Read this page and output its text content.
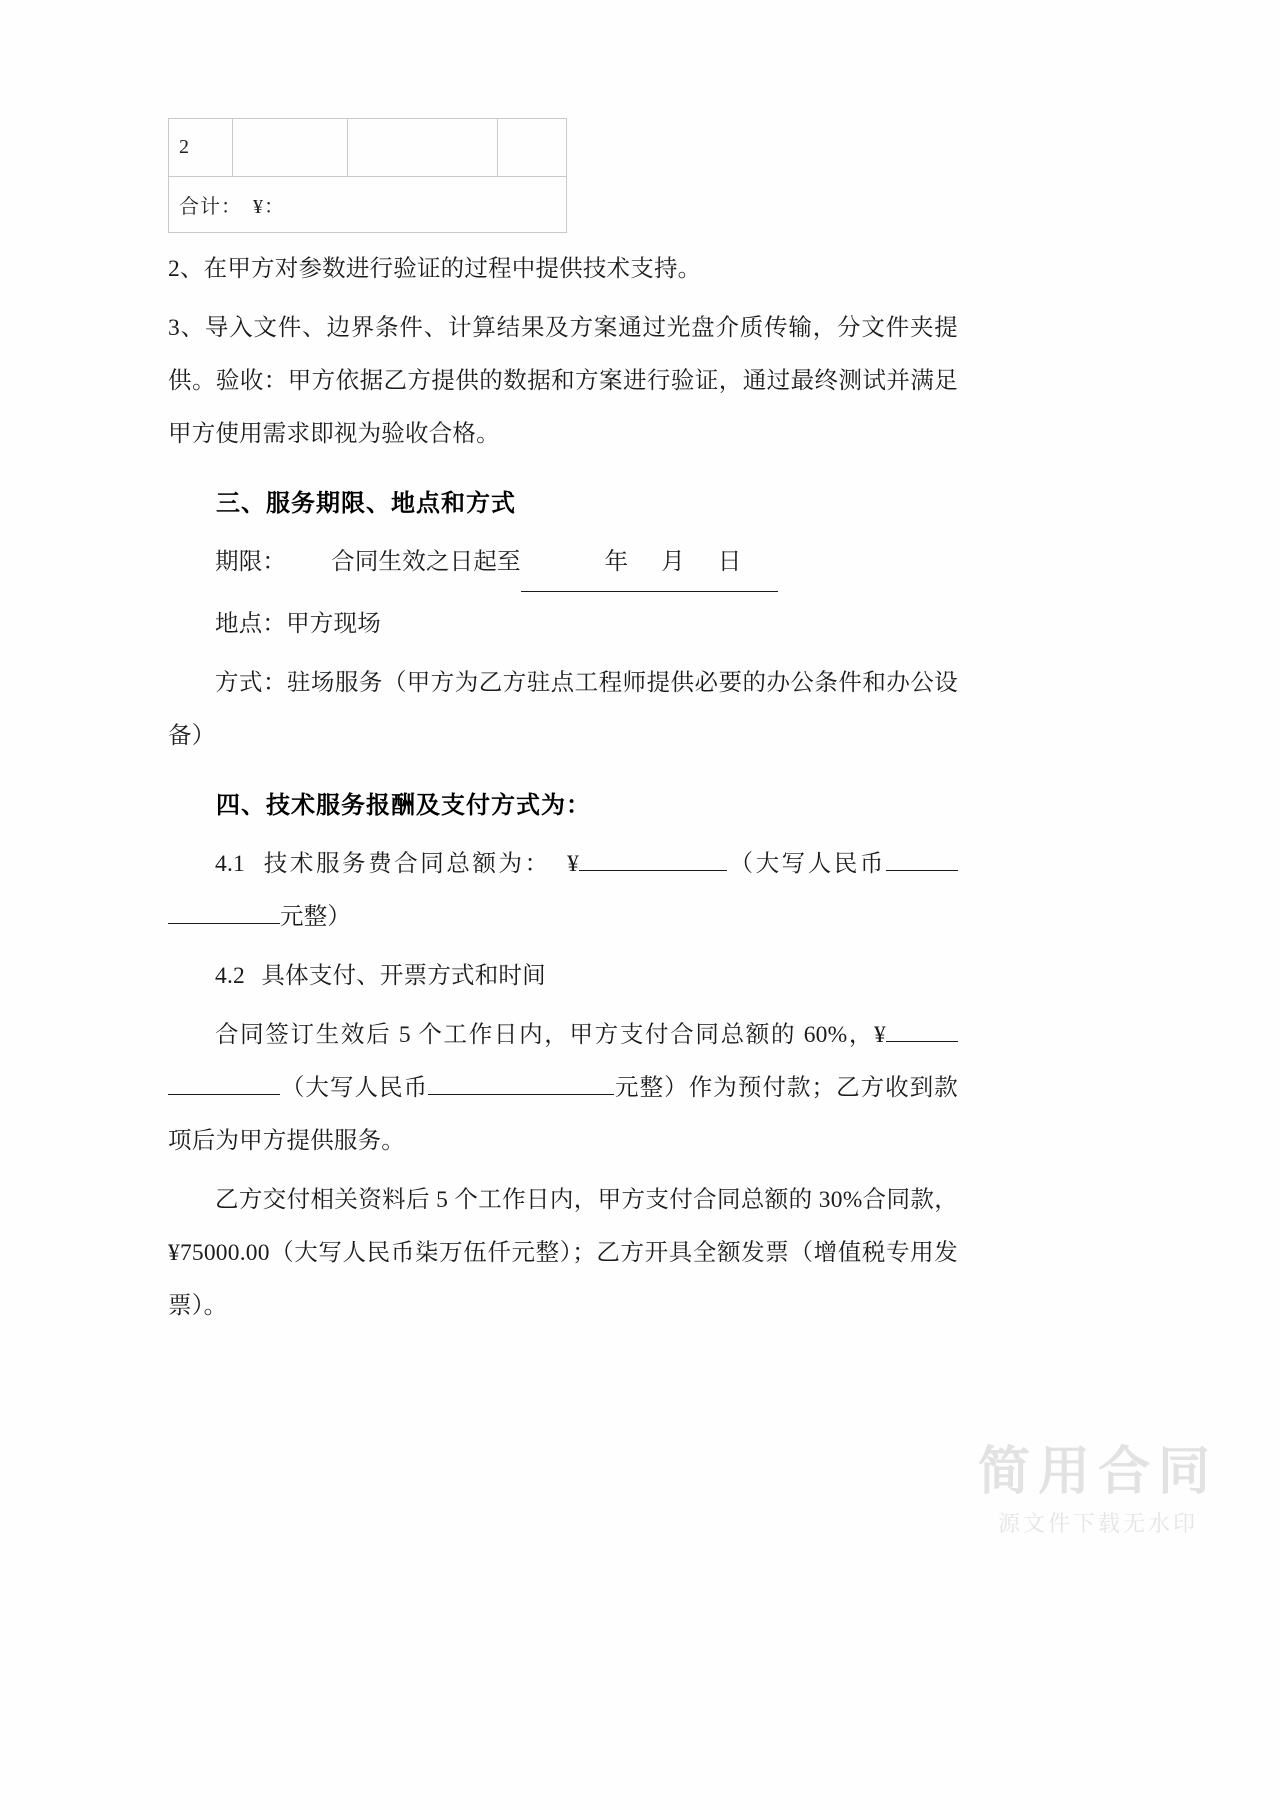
2			
合计：　¥：

2、在甲方对参数进行验证的过程中提供技术支持。

3、导入文件、边界条件、计算结果及方案通过光盘介质传输，分文件夹提供。验收：甲方依据乙方提供的数据和方案进行验证，通过最终测试并满足甲方使用需求即视为验收合格。

三、服务期限、地点和方式

期限： 合同生效之日起至	年 月 日

地点：甲方现场

方式：驻场服务（甲方为乙方驻点工程师提供必要的办公条件和办公设备）

四、技术服务报酬及支付方式为：

4.1 技术服务费合同总额为： ¥	（大写人民币元整）

4.2 具体支付、开票方式和时间

合同签订生效后 5 个工作日内，甲方支付合同总额的 60%，¥（大写人民币	元整）作为预付款；乙方收到款项后为甲方提供服务。

乙方交付相关资料后 5 个工作日内，甲方支付合同总额的 30%合同款，¥75000.00（大写人民币柒万伍仟元整）；乙方开具全额发票（增值税专用发票）。

简用合同
源文件下载无水印
